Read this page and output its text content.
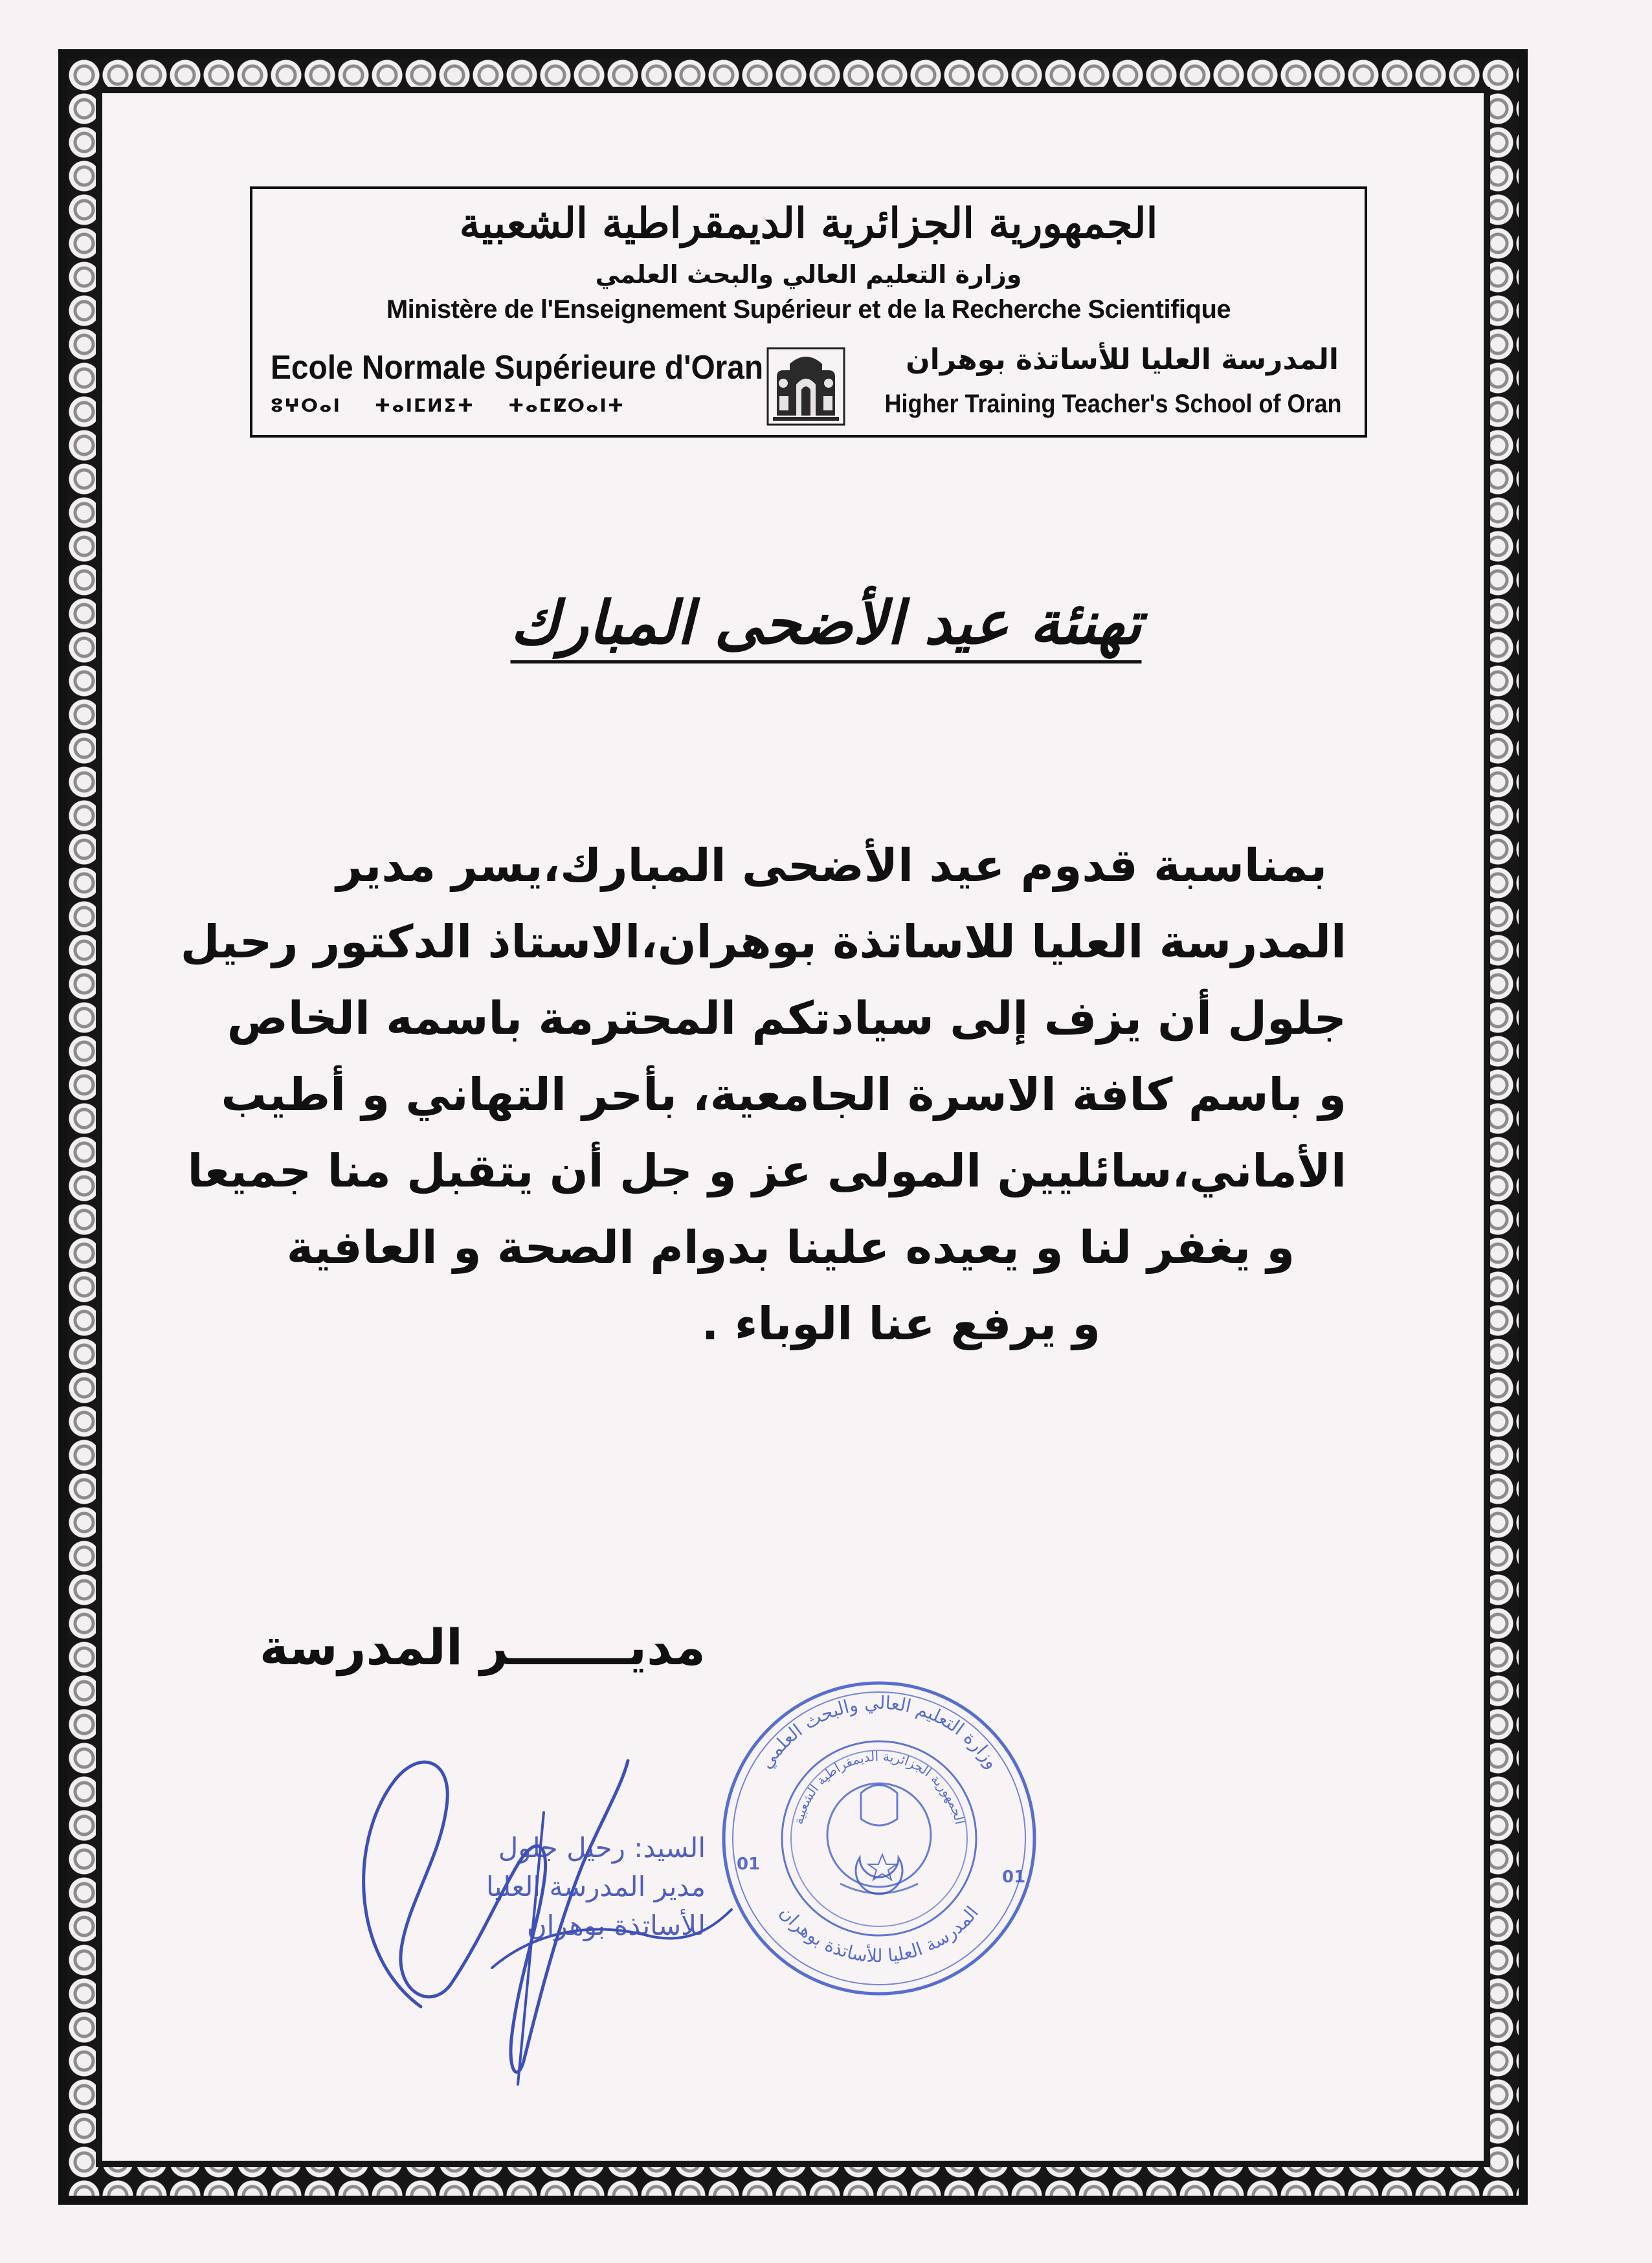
الجمهورية الجزائرية الديمقراطية الشعبية
وزارة التعليم العالي والبحث العلمي
Ministère de l'Enseignement Supérieur et de la Recherche Scientifique
Ecole Normale Supérieure d'Oran
ⵓⵖⵔⴰⵏ ⵜⴰⵏⵎⵍⵉⵜ ⵜⴰⵎⵇⵔⴰⵏⵜ
المدرسة العليا للأساتذة بوهران
Higher Training Teacher's School of Oran
تهنئة عيد الأضحى المبارك
بمناسبة قدوم عيد الأضحى المبارك،يسر مدير
المدرسة العليا للاساتذة بوهران،الاستاذ الدكتور رحيل
جلول أن يزف إلى سيادتكم المحترمة باسمه الخاص
و باسم كافة الاسرة الجامعية، بأحر التهاني و أطيب
الأماني،سائليين المولى عز و جل أن يتقبل منا جميعا
و يغفر لنا و يعيده علينا بدوام الصحة و العافية
و يرفع عنا الوباء .
مديـــــــر المدرسة
السيد: رحيل جلول
مدير المدرسة العليا
للأساتذة بوهران
01
01
وزارة التعليم العالي والبحث العلمي
المدرسة العليا للأساتذة بوهران
الجمهورية الجزائرية الديمقراطية الشعبية
